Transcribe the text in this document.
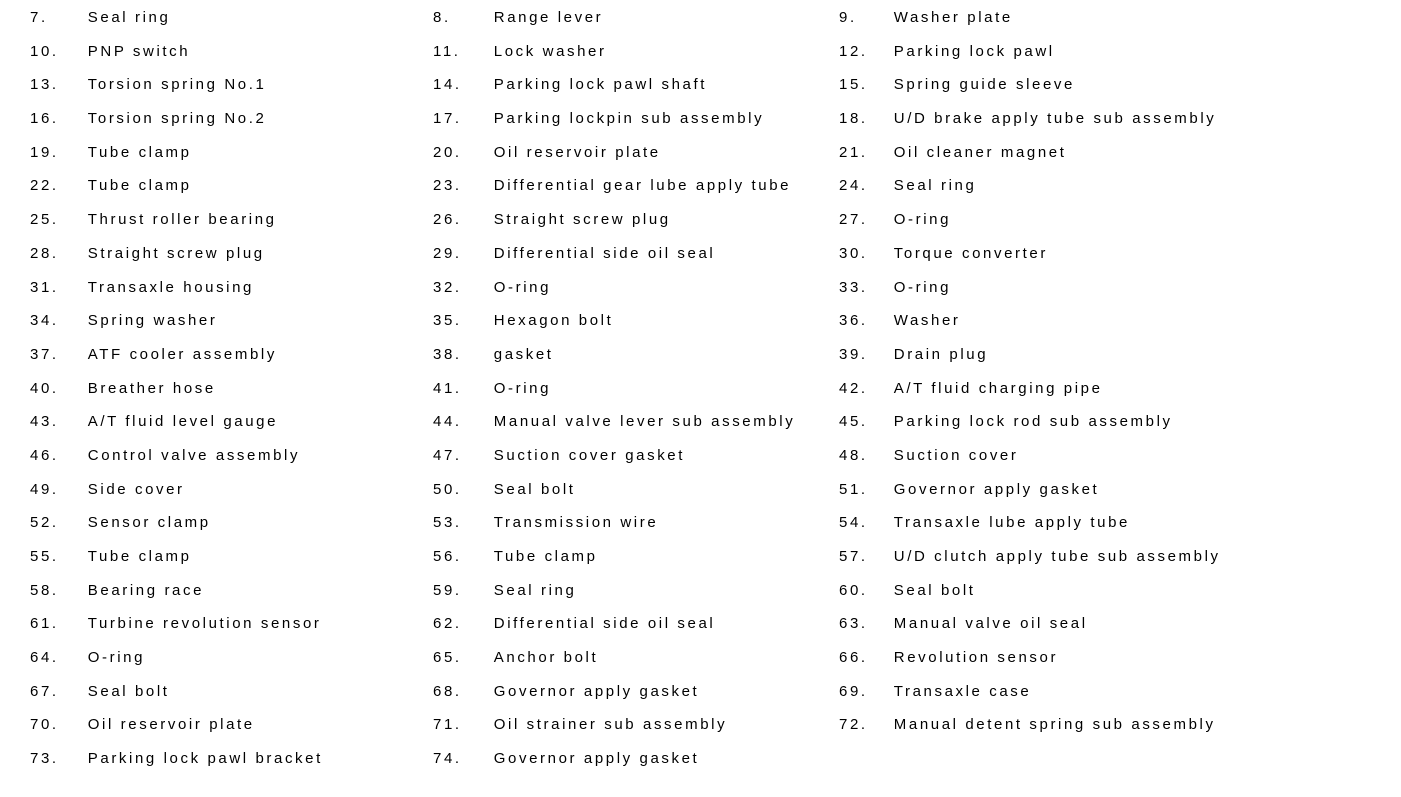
7.	Seal ring
10. PNP switch
13. Torsion spring No.1
16. Torsion spring No.2
19. Tube clamp
22. Tube clamp
25. Thrust roller bearing
28. Straight screw plug
31. Transaxle housing
34. Spring washer
37. ATF cooler assembly
40. Breather hose
43. A/T fluid level gauge
46. Control valve assembly
49. Side cover
52. Sensor clamp
55. Tube clamp
58. Bearing race
61. Turbine revolution sensor
64. O-ring
67. Seal bolt
70. Oil reservoir plate
73. Parking lock pawl bracket
8.	Range lever
11. Lock washer
14. Parking lock pawl shaft
17. Parking lockpin sub assembly
20. Oil reservoir plate
23. Differential gear lube apply tube
26. Straight screw plug
29. Differential side oil seal
32. O-ring
35. Hexagon bolt
38. gasket
41. O-ring
44. Manual valve lever sub assembly
47. Suction cover gasket
50. Seal bolt
53. Transmission wire
56. Tube clamp
59. Seal ring
62. Differential side oil seal
65. Anchor bolt
68. Governor apply gasket
71. Oil strainer sub assembly
74. Governor apply gasket
9. Washer plate
12. Parking lock pawl
15. Spring guide sleeve
18. U/D brake apply tube sub assembly
21. Oil cleaner magnet
24. Seal ring
27. O-ring
30. Torque converter
33. O-ring
36. Washer
39. Drain plug
42. A/T fluid charging pipe
45. Parking lock rod sub assembly
48. Suction cover
51. Governor apply gasket
54. Transaxle lube apply tube
57. U/D clutch apply tube sub assembly
60. Seal bolt
63. Manual valve oil seal
66. Revolution sensor
69. Transaxle case
72. Manual detent spring sub assembly
